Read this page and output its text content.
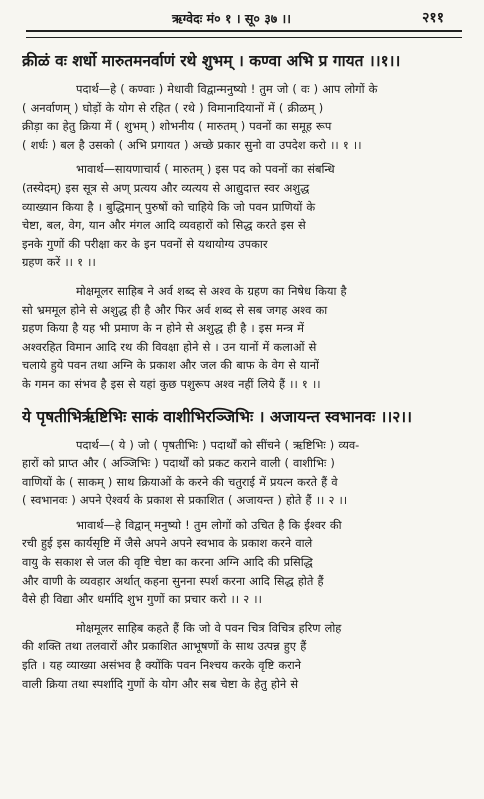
ऋग्वेदः मं० १ । सू० ३७ ।।	२११
क्रीळं वः शर्धो मारुतमनर्वाणं रथे शुभम् । कण्वा अभि प्र गायत ।।१।।
पदार्थ—हे ( कण्वाः ) मेधावी विद्वान्मनुष्यो ! तुम जो ( वः ) आप लोगों के
( अनर्वाणम् ) घोड़ों के योग से रहित ( रथे ) विमानादियानों में ( क्रीळम् )
क्रीड़ा का हेतु क्रिया में ( शुभम् ) शोभनीय ( मारुतम् ) पवनों का समूह रूप
( शर्धः ) बल है उसको ( अभि प्रगायत ) अच्छे प्रकार सुनो वा उपदेश करो ।। १ ।।
भावार्थ—सायणाचार्य ( मारुतम् ) इस पद को पवनों का संबन्धि
(तस्येदम्) इस सूत्र से अण् प्रत्यय और व्यत्यय से आद्युदात्त स्वर अशुद्ध
व्याख्यान किया है । बुद्धिमान् पुरुषों को चाहिये कि जो पवन प्राणियों के
चेष्टा, बल, वेग, यान और मंगल आदि व्यवहारों को सिद्ध करते इस से
इनके गुणों की परीक्षा कर के इन पवनों से यथायोग्य उपकार
ग्रहण करें ।। १ ।।
मोक्षमूलर साहिब ने अर्व शब्द से अश्व के ग्रहण का निषेध किया है
सो भ्रममूल होने से अशुद्ध ही है और फिर अर्व शब्द से सब जगह अश्व का
ग्रहण किया है यह भी प्रमाण के न होने से अशुद्ध ही है । इस मन्त्र में
अश्वरहित विमान आदि रथ की विवक्षा होने से । उन यानों में कलाओं से
चलाये हुये पवन तथा अग्नि के प्रकाश और जल की बाफ के वेग से यानों
के गमन का संभव है इस से यहां कुछ पशुरूप अश्व नहीं लिये हैं ।। १ ।।
ये पृषतीभिर्ऋष्टिभिः साकं वाशीभिरञ्जिभिः । अजायन्त स्वभानवः ।।२।।
पदार्थ—( ये ) जो ( पृषतीभिः ) पदार्थों को सींचने ( ऋष्टिभिः ) व्यव-
हारों को प्राप्त और ( अञ्जिभिः ) पदार्थों को प्रकट कराने वाली ( वाशीभिः )
वाणियों के ( साकम् ) साथ क्रियाओं के करने की चतुराई में प्रयत्न करते हैं वे
( स्वभानवः ) अपने ऐश्वर्य के प्रकाश से प्रकाशित ( अजायन्त ) होते हैं ।। २ ।।
भावार्थ—हे विद्वान् मनुष्यो ! तुम लोगों को उचित है कि ईश्वर की
रची हुई इस कार्यसृष्टि में जैसे अपने अपने स्वभाव के प्रकाश करने वाले
वायु के सकाश से जल की वृष्टि चेष्टा का करना अग्नि आदि की प्रसिद्धि
और वाणी के व्यवहार अर्थात् कहना सुनना स्पर्श करना आदि सिद्ध होते हैं
वैसे ही विद्या और धर्मादि शुभ गुणों का प्रचार करो ।। २ ।।
मोक्षमूलर साहिब कहते हैं कि जो वे पवन चित्र विचित्र हरिण लोह
की शक्ति तथा तलवारों और प्रकाशित आभूषणों के साथ उत्पन्न हुए हैं
इति । यह व्याख्या असंभव है क्योंकि पवन निश्चय करके वृष्टि कराने
वाली क्रिया तथा स्पर्शादि गुणों के योग और सब चेष्टा के हेतु होने से
